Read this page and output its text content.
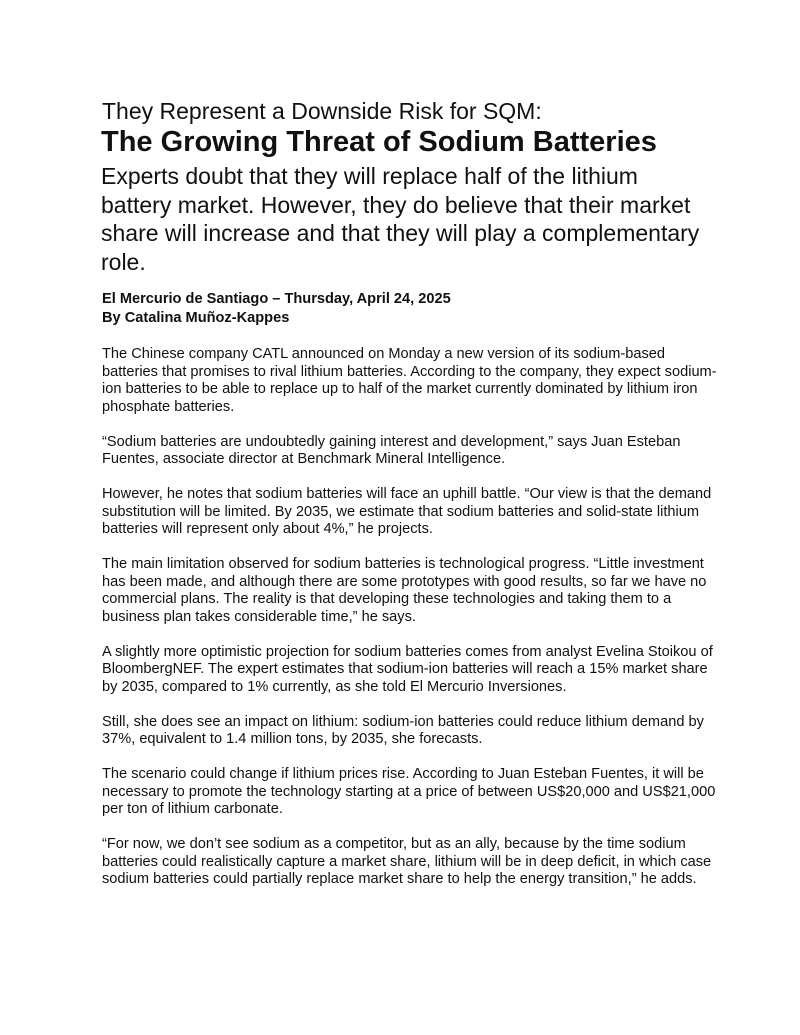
They Represent a Downside Risk for SQM:
The Growing Threat of Sodium Batteries

Experts doubt that they will replace half of the lithium battery market. However, they do believe that their market share will increase and that they will play a complementary role.

El Mercurio de Santiago – Thursday, April 24, 2025
By Catalina Muñoz-Kappes

The Chinese company CATL announced on Monday a new version of its sodium-based batteries that promises to rival lithium batteries. According to the company, they expect sodium-ion batteries to be able to replace up to half of the market currently dominated by lithium iron phosphate batteries.

“Sodium batteries are undoubtedly gaining interest and development,” says Juan Esteban Fuentes, associate director at Benchmark Mineral Intelligence.

However, he notes that sodium batteries will face an uphill battle. “Our view is that the demand substitution will be limited. By 2035, we estimate that sodium batteries and solid-state lithium batteries will represent only about 4%,” he projects.

The main limitation observed for sodium batteries is technological progress. “Little investment has been made, and although there are some prototypes with good results, so far we have no commercial plans. The reality is that developing these technologies and taking them to a business plan takes considerable time,” he says.

A slightly more optimistic projection for sodium batteries comes from analyst Evelina Stoikou of BloombergNEF. The expert estimates that sodium-ion batteries will reach a 15% market share by 2035, compared to 1% currently, as she told El Mercurio Inversiones.

Still, she does see an impact on lithium: sodium-ion batteries could reduce lithium demand by 37%, equivalent to 1.4 million tons, by 2035, she forecasts.

The scenario could change if lithium prices rise. According to Juan Esteban Fuentes, it will be necessary to promote the technology starting at a price of between US$20,000 and US$21,000 per ton of lithium carbonate.

“For now, we don’t see sodium as a competitor, but as an ally, because by the time sodium batteries could realistically capture a market share, lithium will be in deep deficit, in which case sodium batteries could partially replace market share to help the energy transition,” he adds.
